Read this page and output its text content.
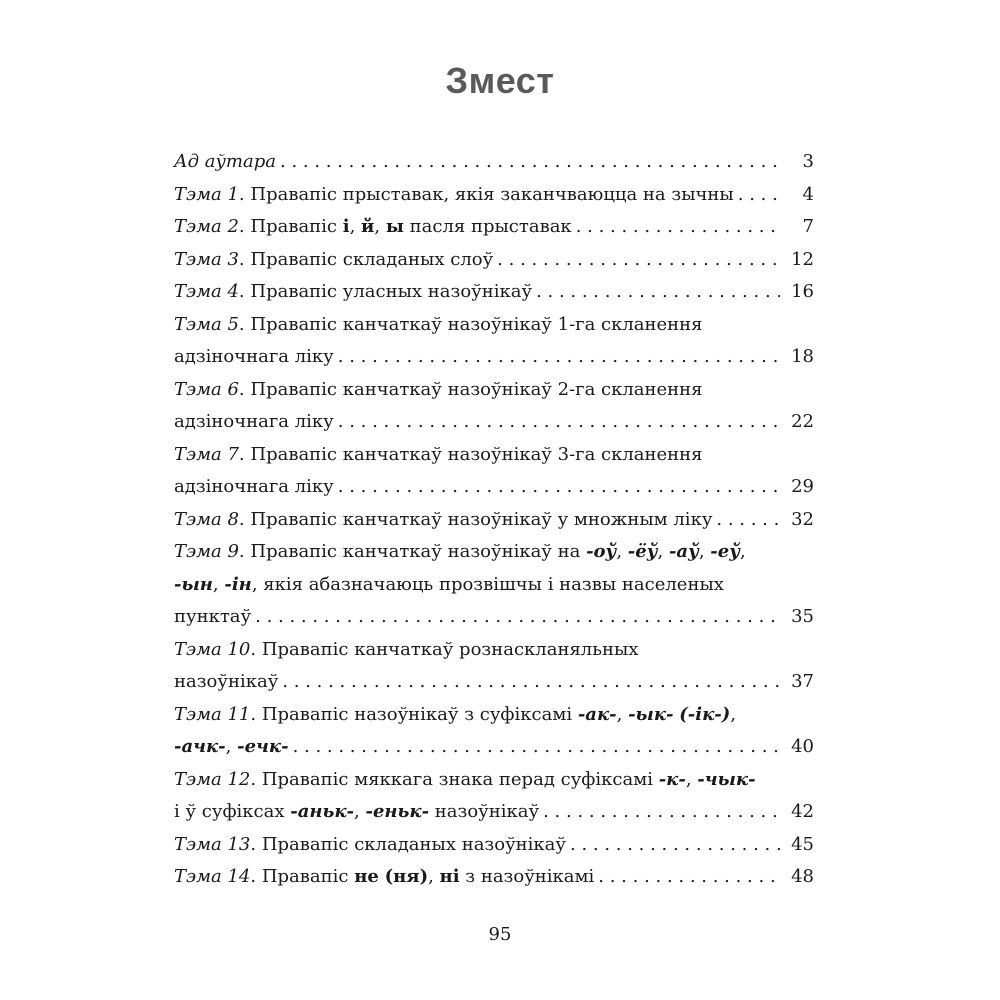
Змест
Ад аўтара . . .	3
Тэма 1. Правапіс прыставак, якія заканчваюцца на зычны . . .	4
Тэма 2. Правапіс і, й, ы пасля прыставак . . .	7
Тэма 3. Правапіс складаных слоў . . .	12
Тэма 4. Правапіс уласных назоўнікаў . . .	16
Тэма 5. Правапіс канчаткаў назоўнікаў 1-га скланення
адзіночнага ліку . . .	18
Тэма 6. Правапіс канчаткаў назоўнікаў 2-га скланення
адзіночнага ліку . . .	22
Тэма 7. Правапіс канчаткаў назоўнікаў 3-га скланення
адзіночнага ліку . . .	29
Тэма 8. Правапіс канчаткаў назоўнікаў у множным ліку . . .	32
Тэма 9. Правапіс канчаткаў назоўнікаў на -оў, -ёў, -аў, -еў,
-ын, -ін, якія абазначаюць прозвішчы і назвы населеных
пунктаў . . .	35
Тэма 10. Правапіс канчаткаў рознаскланяльных
назоўнікаў . . .	37
Тэма 11. Правапіс назоўнікаў з суфіксамі -ак-, -ык- (-ік-),
-ачк-, -ечк- . . .	40
Тэма 12. Правапіс мяккага знака перад суфіксамі -к-, -чык-
і ў суфіксах -аньк-, -еньк- назоўнікаў . . .	42
Тэма 13. Правапіс складаных назоўнікаў . . .	45
Тэма 14. Правапіс не (ня), ні з назоўнікамі . . .	48
95
